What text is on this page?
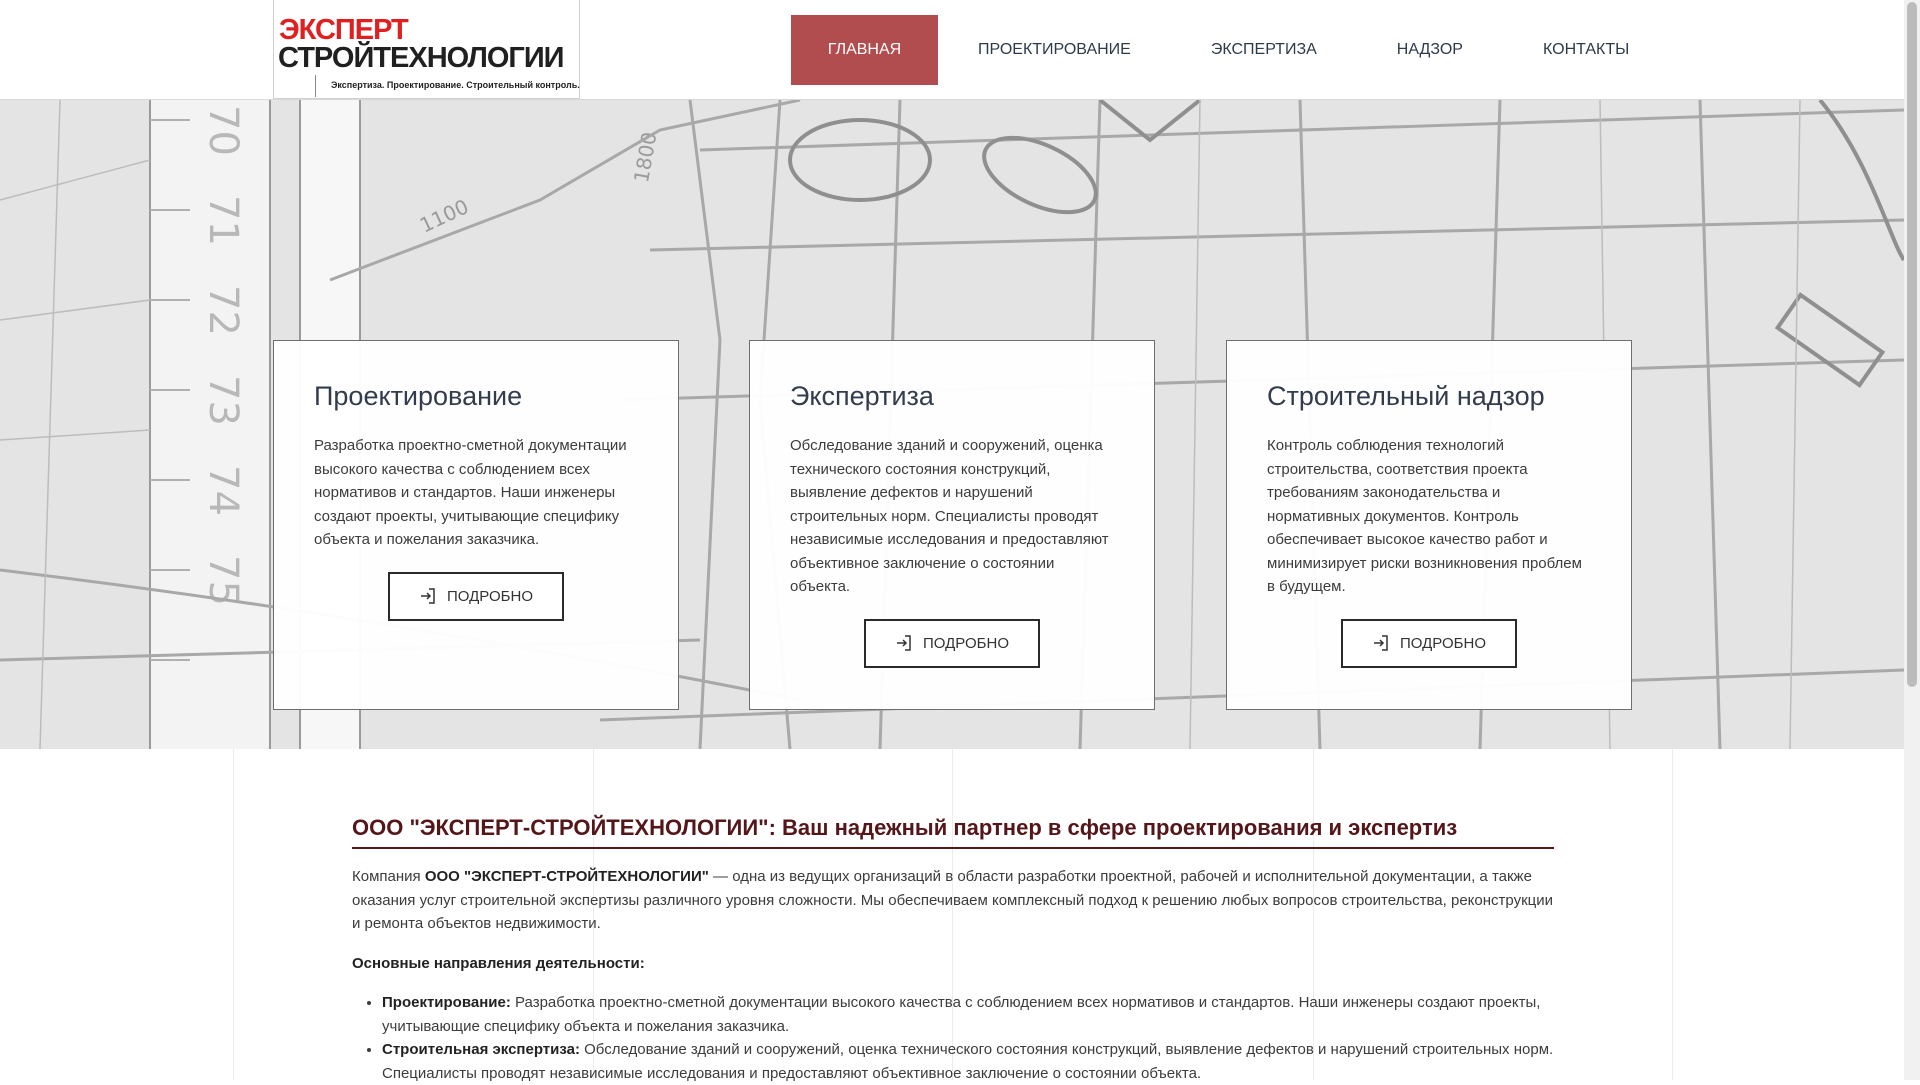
ЭКСПЕРТ
СТРОЙТЕХНОЛОГИИ
Экспертиза. Проектирование. Строительный контроль.
ГЛАВНАЯ	ПРОЕКТИРОВАНИЕ	ЭКСПЕРТИЗА	НАДЗОР	КОНТАКТЫ
70
71
72
73
74
75
1100
1800
Проектирование

Разработка проектно-сметной документации высокого качества с соблюдением всех нормативов и стандартов. Наши инженеры создают проекты, учитывающие специфику объекта и пожелания заказчика.

ПОДРОБНО
Экспертиза

Обследование зданий и сооружений, оценка технического состояния конструкций, выявление дефектов и нарушений строительных норм. Специалисты проводят независимые исследования и предоставляют объективное заключение о состоянии объекта.

ПОДРОБНО
Строительный надзор

Контроль соблюдения технологий строительства, соответствия проекта требованиям законодательства и нормативных документов. Контроль обеспечивает высокое качество работ и минимизирует риски возникновения проблем в будущем.

ПОДРОБНО
ООО "ЭКСПЕРТ-СТРОЙТЕХНОЛОГИИ": Ваш надежный партнер в сфере проектирования и экспертиз

Компания ООО "ЭКСПЕРТ-СТРОЙТЕХНОЛОГИИ" — одна из ведущих организаций в области разработки проектной, рабочей и исполнительной документации, а также оказания услуг строительной экспертизы различного уровня сложности. Мы обеспечиваем комплексный подход к решению любых вопросов строительства, реконструкции и ремонта объектов недвижимости.

Основные направления деятельности:

• Проектирование: Разработка проектно-сметной документации высокого качества с соблюдением всех нормативов и стандартов. Наши инженеры создают проекты, учитывающие специфику объекта и пожелания заказчика.
• Строительная экспертиза: Обследование зданий и сооружений, оценка технического состояния конструкций, выявление дефектов и нарушений строительных норм. Специалисты проводят независимые исследования и предоставляют объективное заключение о состоянии объекта.
